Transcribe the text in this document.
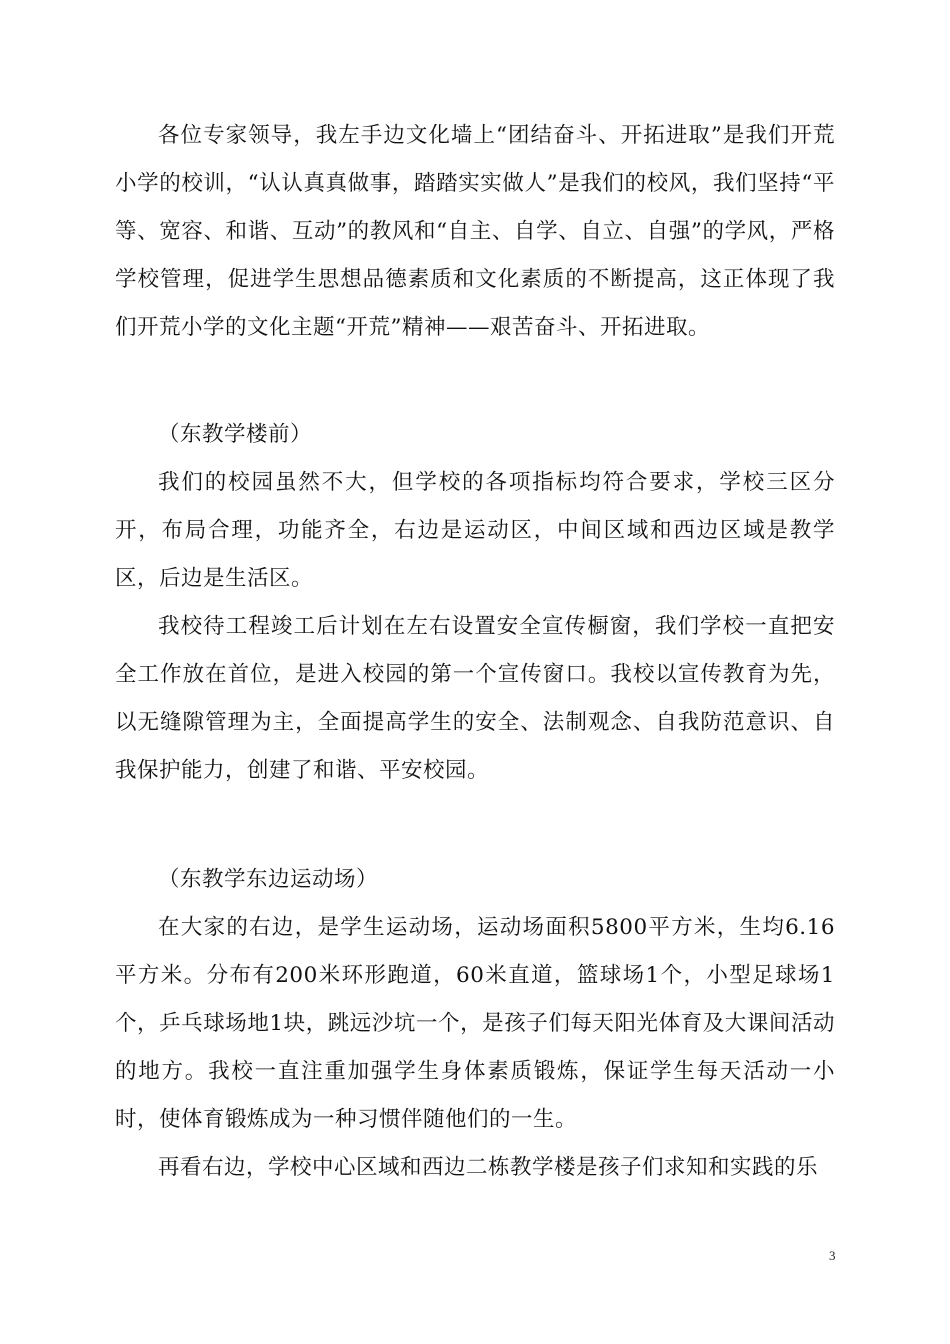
各位专家领导，我左手边文化墙上“团结奋斗、开拓进取”是我们开荒小学的校训，“认认真真做事，踏踏实实做人”是我们的校风，我们坚持“平等、宽容、和谐、互动”的教风和“自主、自学、自立、自强”的学风，严格学校管理，促进学生思想品德素质和文化素质的不断提高，这正体现了我们开荒小学的文化主题“开荒”精神——艰苦奋斗、开拓进取。

（东教学楼前）

我们的校园虽然不大，但学校的各项指标均符合要求，学校三区分开，布局合理，功能齐全，右边是运动区，中间区域和西边区域是教学区，后边是生活区。

我校待工程竣工后计划在左右设置安全宣传橱窗，我们学校一直把安全工作放在首位，是进入校园的第一个宣传窗口。我校以宣传教育为先，以无缝隙管理为主，全面提高学生的安全、法制观念、自我防范意识、自我保护能力，创建了和谐、平安校园。

（东教学东边运动场）

在大家的右边，是学生运动场，运动场面积5800平方米，生均6.16平方米。分布有200米环形跑道，60米直道，篮球场1个，小型足球场1个，乒乓球场地1块，跳远沙坑一个，是孩子们每天阳光体育及大课间活动的地方。我校一直注重加强学生身体素质锻炼，保证学生每天活动一小时，使体育锻炼成为一种习惯伴随他们的一生。

再看右边，学校中心区域和西边二栋教学楼是孩子们求知和实践的乐

3
